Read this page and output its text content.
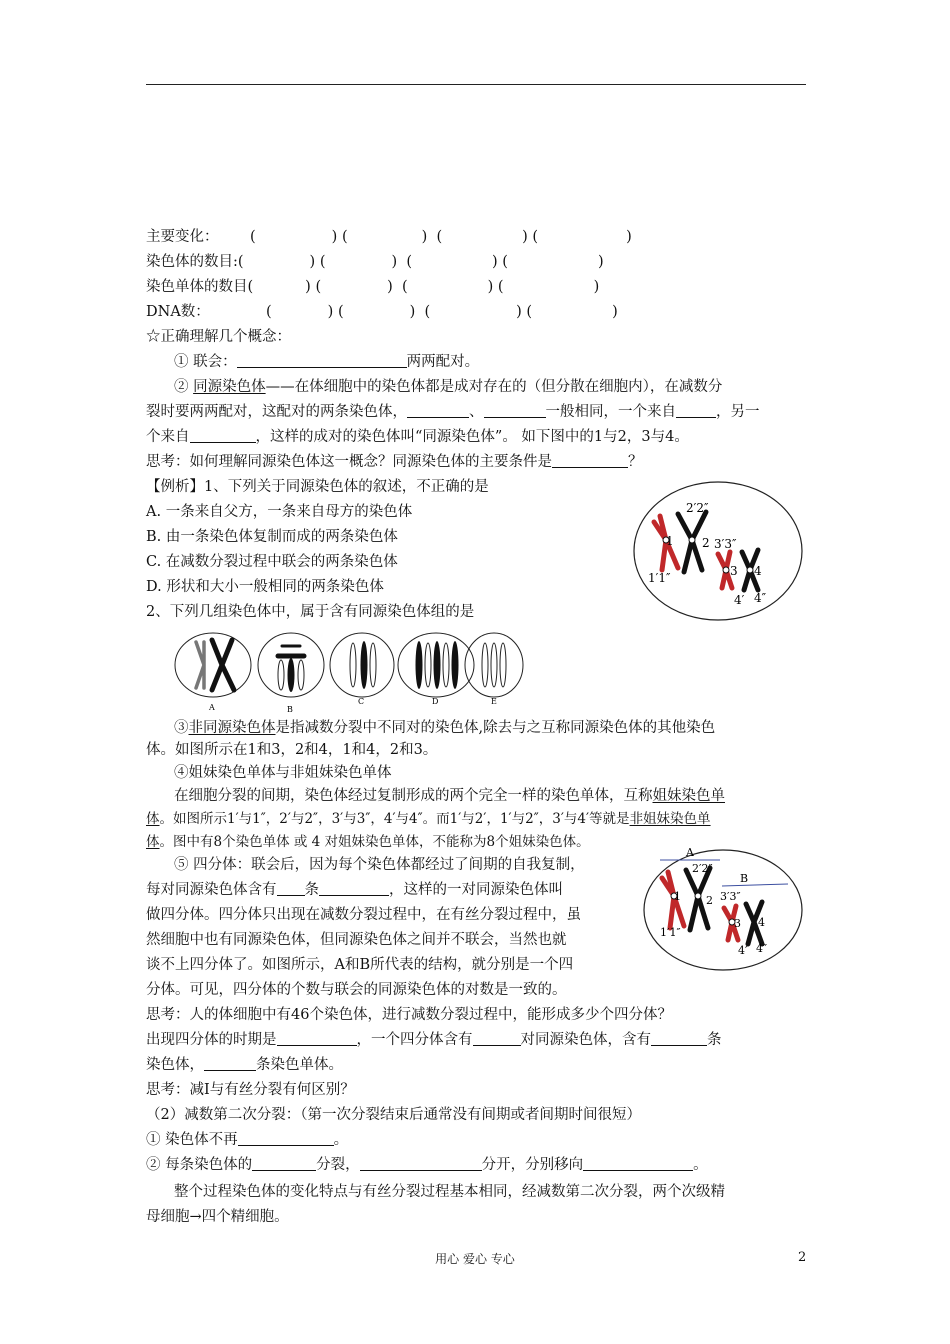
主要变化： (	) (	)  (	) (	)
染色体的数目:(	) (	)  (	) (	)
染色单体的数目(	) (	)  (	) (	)
DNA数：	(	) (	)  (	) (	)
☆正确理解几个概念：
① 联会：	两两配对。
② 同源染色体——在体细胞中的染色体都是成对存在的（但分散在细胞内），在减数分
裂时要两两配对，这配对的两条染色体，	、	一般相同，一个来自	，另一
个来自	，这样的成对的染色体叫“同源染色体”。 如下图中的1与2，3与4。
思考：如何理解同源染色体这一概念？同源染色体的主要条件是	？
【例析】1、下列关于同源染色体的叙述，不正确的是
A. 一条来自父方，一条来自母方的染色体
B. 由一条染色体复制而成的两条染色体
C. 在减数分裂过程中联会的两条染色体
D. 形状和大小一般相同的两条染色体
2、下列几组染色体中，属于含有同源染色体组的是
1
1′1″
2
2′2″
3
3′3″
4
4′ 4″
A	B
C	D	E
③非同源染色体是指减数分裂中不同对的染色体,除去与之互称同源染色体的其他染色
体。如图所示在1和3，2和4，1和4，2和3。
④姐妹染色单体与非姐妹染色单体
在细胞分裂的间期，染色体经过复制形成的两个完全一样的染色单体，互称姐妹染色单
体。如图所示1′与1″，2′与2″，3′与3″，4′与4″。而1′与2′，1′与2″，3′与4′等就是非姐妹染色单
体。图中有8个染色单体 或 4 对姐妹染色单体，不能称为8个姐妹染色体。
⑤ 四分体：联会后，因为每个染色体都经过了间期的自我复制，
每对同源染色体含有 条	，这样的一对同源染色体叫
做四分体。四分体只出现在减数分裂过程中，在有丝分裂过程中，虽
然细胞中也有同源染色体，但同源染色体之间并不联会，当然也就
谈不上四分体了。如图所示，A和B所代表的结构，就分别是一个四
分体。可见，四分体的个数与联会的同源染色体的对数是一致的。
A
B
1
1′1″
2
2′2″
3
3′3″
4
4′ 4″
思考：人的体细胞中有46个染色体，进行减数分裂过程中，能形成多少个四分体？
出现四分体的时期是	，一个四分体含有	对同源染色体，含有	条
染色体，	条染色单体。
思考：减Ⅰ与有丝分裂有何区别？
（2）减数第二次分裂：（第一次分裂结束后通常没有间期或者间期时间很短）
① 染色体不再	。
② 每条染色体的	分裂，	分开，分别移向	。
整个过程染色体的变化特点与有丝分裂过程基本相同，经减数第二次分裂，两个次级精
母细胞→四个精细胞。
用心 爱心 专心	2
